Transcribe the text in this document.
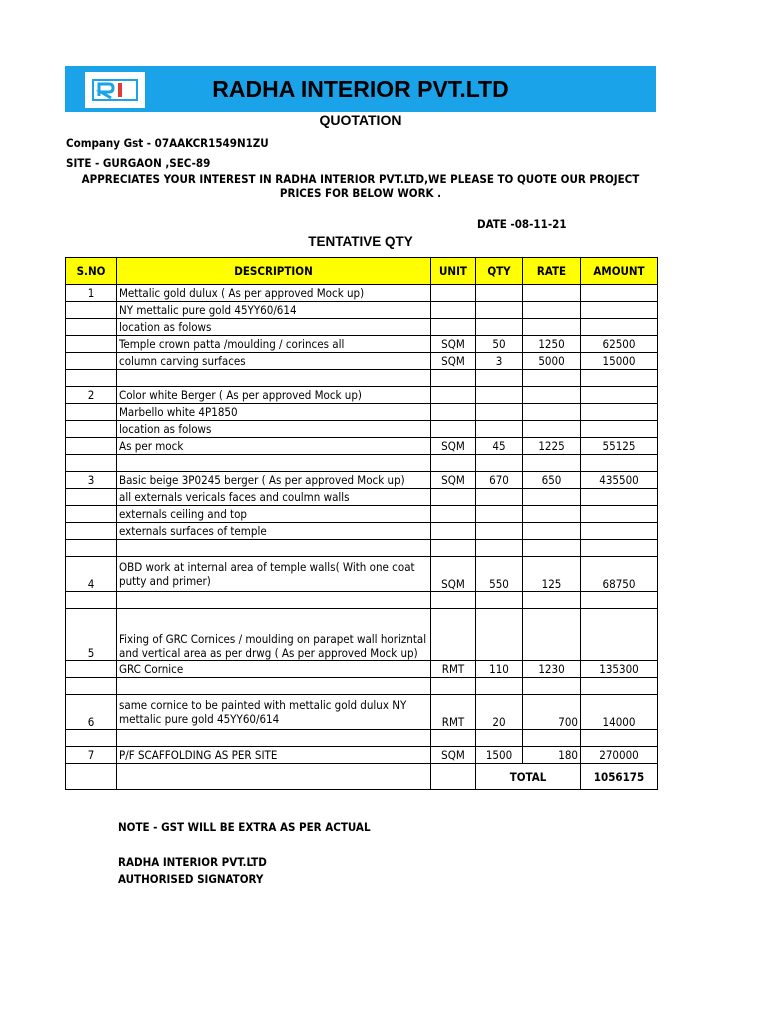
RADHA INTERIOR PVT.LTD
QUOTATION
Company Gst - 07AAKCR1549N1ZU
SITE - GURGAON ,SEC-89
APPRECIATES YOUR INTEREST IN RADHA INTERIOR PVT.LTD,WE PLEASE TO QUOTE OUR PROJECT PRICES FOR BELOW WORK .
DATE -08-11-21
TENTATIVE QTY
S.NO	DESCRIPTION	UNIT	QTY	RATE	AMOUNT
1	Mettalic gold dulux ( As per approved Mock up)				
	NY mettalic pure gold 45YY60/614				
	location as folows				
	Temple crown patta /moulding / corinces all	SQM	50	1250	62500
	column carving surfaces	SQM	3	5000	15000

2	Color white Berger ( As per approved Mock up)				
	Marbello white 4P1850				
	location as folows				
	As per mock	SQM	45	1225	55125

3	Basic beige 3P0245 berger ( As per approved Mock up)	SQM	670	650	435500
	all externals vericals faces and coulmn walls				
	externals ceiling and top				
	externals surfaces of temple				

4	OBD work at internal area of temple walls( With one coat putty and primer)	SQM	550	125	68750

5	Fixing of GRC Cornices / moulding on parapet wall horizntal and vertical area as per drwg ( As per approved Mock up)				
	GRC Cornice	RMT	110	1230	135300

6	same cornice to be painted with mettalic gold dulux NY mettalic pure gold 45YY60/614	RMT	20	700	14000

7	P/F SCAFFOLDING AS PER SITE	SQM	1500	180	270000
			TOTAL		1056175
NOTE - GST WILL BE EXTRA AS PER ACTUAL
RADHA INTERIOR PVT.LTD
AUTHORISED SIGNATORY
